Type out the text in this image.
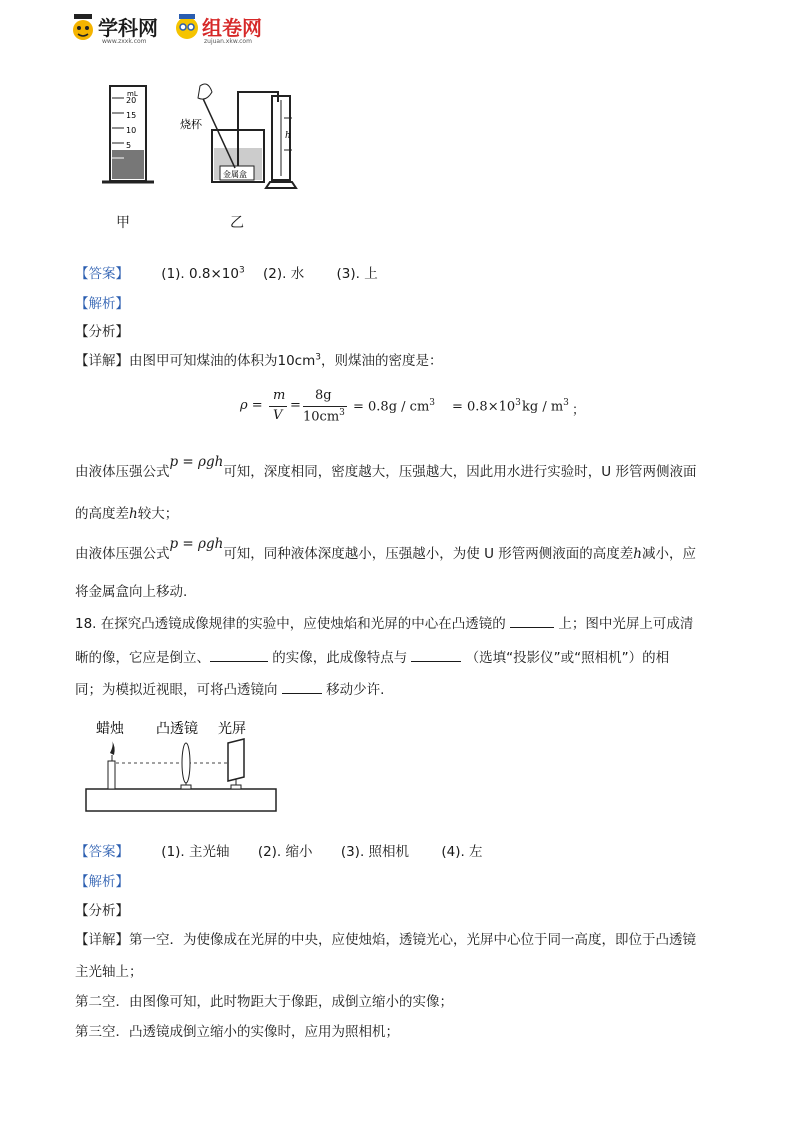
学科网
www.zxxk.com
组卷网
zujuan.xkw.com
mL
20
15
10
5
烧杯
金属盒
h
甲	乙
【答案】 (1). $0.8\times 10^3$ (2). 水 (3). 上
【解析】
【分析】
【详解】由图甲可知煤油的体积为$10cm^3$，则煤油的密度是：
ρ =
m
V
=
8g
$10cm^3 = 0.8g / cm^3 = 0.8\times 10^3$ kg / $m^3$ ；
由液体压强公式p = ρgh可知，深度相同，密度越大，压强越大，因此用水进行实验时，U 形管两侧液面
的高度差h较大；
由液体压强公式p = ρgh可知，同种液体深度越小，压强越小，为使 U 形管两侧液面的高度差h减小，应
将金属盒向上移动.
18. 在探究凸透镜成像规律的实验中，应使烛焰和光屏的中心在凸透镜的	上；图中光屏上可成清
晰的像，它应是倒立、	的实像，此成像特点与	（选填“投影仪”或“照相机”）的相
同；为模拟近视眼，可将凸透镜向	移动少许.
蜡烛 凸透镜 光屏
【答案】 (1). 主光轴 (2). 缩小 (3). 照相机 (4). 左
【解析】
【分析】
【详解】第一空．为使像成在光屏的中央，应使烛焰，透镜光心，光屏中心位于同一高度，即位于凸透镜
主光轴上；
第二空．由图像可知，此时物距大于像距，成倒立缩小的实像；
第三空．凸透镜成倒立缩小的实像时，应用为照相机；
